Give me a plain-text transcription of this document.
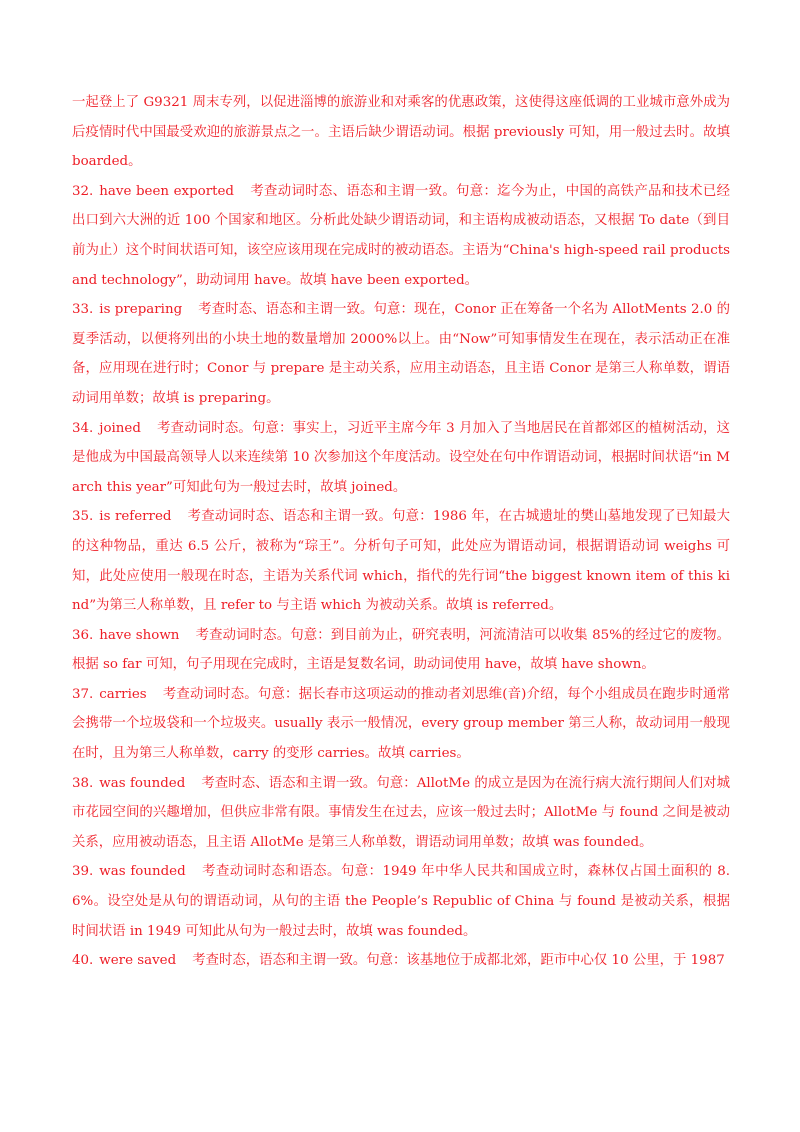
一起登上了 G9321 周末专列，以促进淄博的旅游业和对乘客的优惠政策，这使得这座低调的工业城市意外成为后疫情时代中国最受欢迎的旅游景点之一。主语后缺少谓语动词。根据 previously 可知，用一般过去时。故填 boarded。

32. have been exported 考查动词时态、语态和主谓一致。句意：迄今为止，中国的高铁产品和技术已经出口到六大洲的近 100 个国家和地区。分析此处缺少谓语动词，和主语构成被动语态，又根据 To date（到目前为止）这个时间状语可知，该空应该用现在完成时的被动语态。主语为“China's high-speed rail products and technology”，助动词用 have。故填 have been exported。

33. is preparing 考查时态、语态和主谓一致。句意：现在，Conor 正在筹备一个名为 AllotMents 2.0 的夏季活动，以便将列出的小块土地的数量增加 2000%以上。由“Now”可知事情发生在现在，表示活动正在准备，应用现在进行时；Conor 与 prepare 是主动关系，应用主动语态，且主语 Conor 是第三人称单数，谓语动词用单数；故填 is preparing。

34. joined 考查动词时态。句意：事实上，习近平主席今年 3 月加入了当地居民在首都郊区的植树活动，这是他成为中国最高领导人以来连续第 10 次参加这个年度活动。设空处在句中作谓语动词，根据时间状语“in March this year”可知此句为一般过去时，故填 joined。

35. is referred 考查动词时态、语态和主谓一致。句意：1986 年，在古城遗址的樊山墓地发现了已知最大的这种物品，重达 6.5 公斤，被称为“琮王”。分析句子可知，此处应为谓语动词，根据谓语动词 weighs 可知，此处应使用一般现在时态，主语为关系代词 which，指代的先行词“the biggest known item of this kind”为第三人称单数，且 refer to 与主语 which 为被动关系。故填 is referred。

36. have shown 考查动词时态。句意：到目前为止，研究表明，河流清洁可以收集 85%的经过它的废物。根据 so far 可知，句子用现在完成时，主语是复数名词，助动词使用 have，故填 have shown。

37. carries 考查动词时态。句意：据长春市这项运动的推动者刘思维(音)介绍，每个小组成员在跑步时通常会携带一个垃圾袋和一个垃圾夹。usually 表示一般情况，every group member 第三人称，故动词用一般现在时，且为第三人称单数，carry 的变形 carries。故填 carries。

38. was founded 考查时态、语态和主谓一致。句意：AllotMe 的成立是因为在流行病大流行期间人们对城市花园空间的兴趣增加，但供应非常有限。事情发生在过去，应该一般过去时；AllotMe 与 found 之间是被动关系，应用被动语态，且主语 AllotMe 是第三人称单数，谓语动词用单数；故填 was founded。

39. was founded 考查动词时态和语态。句意：1949 年中华人民共和国成立时，森林仅占国土面积的 8.6%。设空处是从句的谓语动词，从句的主语 the People’s Republic of China 与 found 是被动关系，根据时间状语 in 1949 可知此从句为一般过去时，故填 was founded。

40. were saved 考查时态，语态和主谓一致。句意：该基地位于成都北郊，距市中心仅 10 公里，于 1987
